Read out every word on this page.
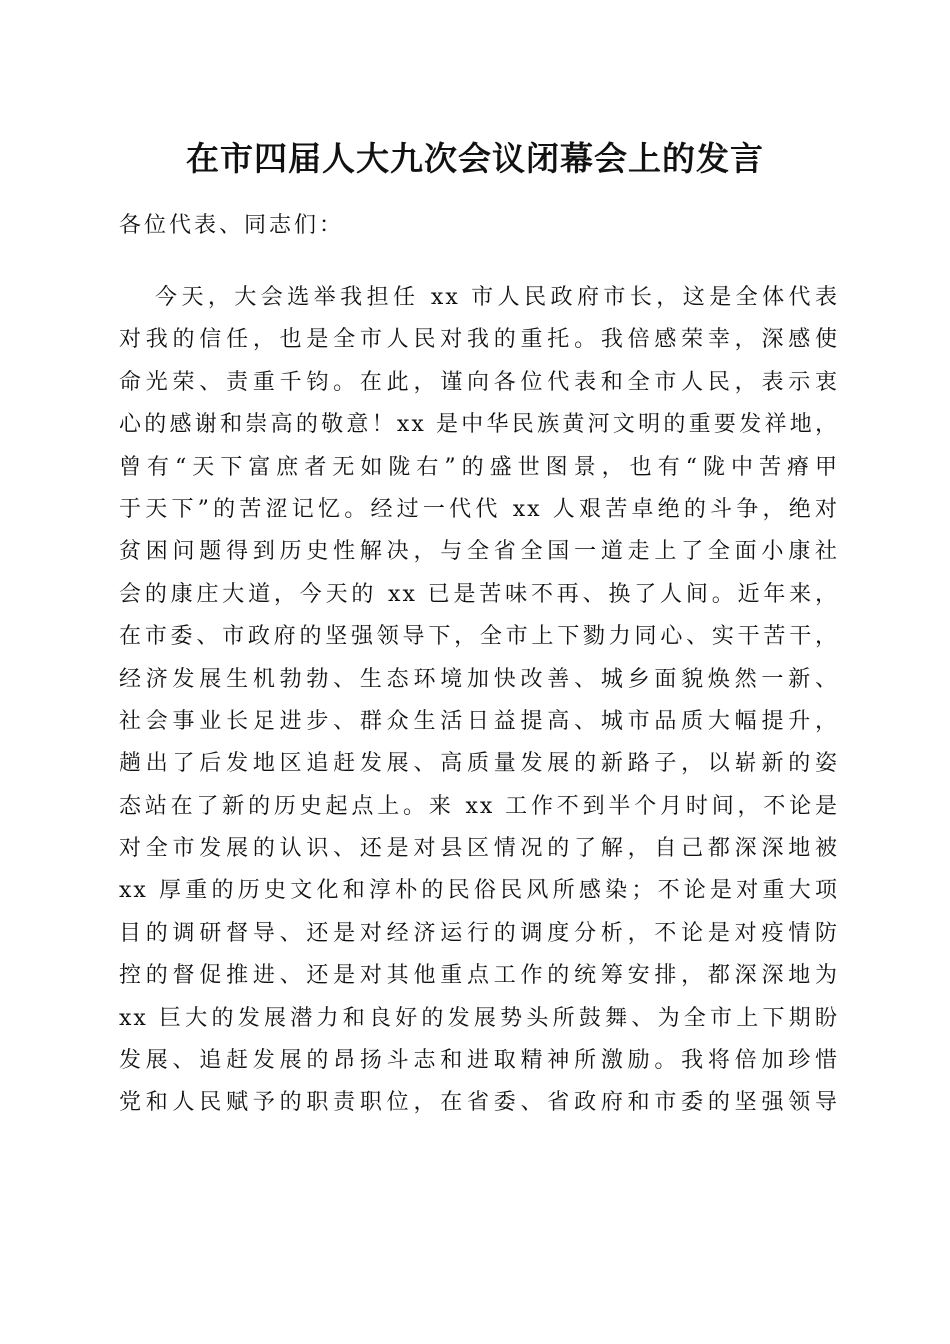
在市四届人大九次会议闭幕会上的发言

各位代表、同志们：

今天，大会选举我担任 xx 市人民政府市长，这是全体代表
对我的信任，也是全市人民对我的重托。我倍感荣幸，深感使
命光荣、责重千钧。在此，谨向各位代表和全市人民，表示衷
心的感谢和崇高的敬意！xx 是中华民族黄河文明的重要发祥地，
曾有“天下富庶者无如陇右”的盛世图景，也有“陇中苦瘠甲
于天下”的苦涩记忆。经过一代代 xx 人艰苦卓绝的斗争，绝对
贫困问题得到历史性解决，与全省全国一道走上了全面小康社
会的康庄大道，今天的 xx 已是苦味不再、换了人间。近年来，
在市委、市政府的坚强领导下，全市上下勠力同心、实干苦干，
经济发展生机勃勃、生态环境加快改善、城乡面貌焕然一新、
社会事业长足进步、群众生活日益提高、城市品质大幅提升，
趟出了后发地区追赶发展、高质量发展的新路子，以崭新的姿
态站在了新的历史起点上。来 xx 工作不到半个月时间，不论是
对全市发展的认识、还是对县区情况的了解，自己都深深地被
xx 厚重的历史文化和淳朴的民俗民风所感染；不论是对重大项
目的调研督导、还是对经济运行的调度分析，不论是对疫情防
控的督促推进、还是对其他重点工作的统筹安排，都深深地为
xx 巨大的发展潜力和良好的发展势头所鼓舞、为全市上下期盼
发展、追赶发展的昂扬斗志和进取精神所激励。我将倍加珍惜
党和人民赋予的职责职位，在省委、省政府和市委的坚强领导
